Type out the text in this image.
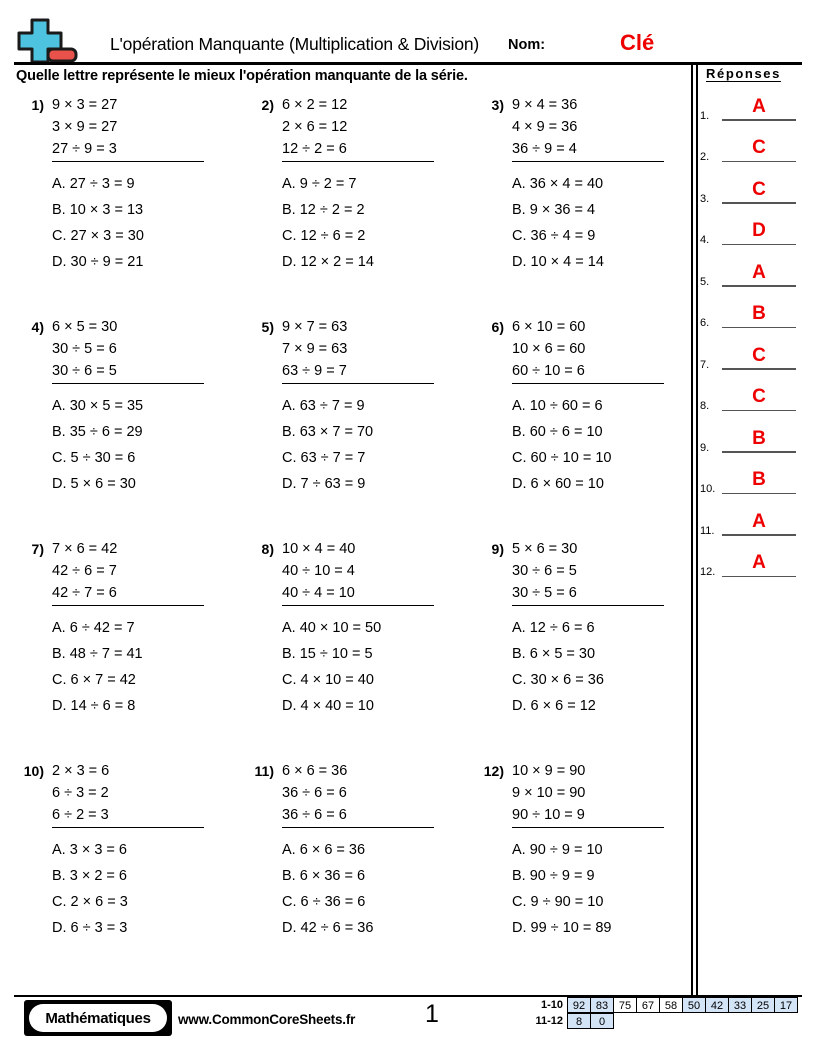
L'opération Manquante (Multiplication & Division) Nom:	Clé
Quelle lettre représente le mieux l'opération manquante de la série.	Réponses
1.	A
2.	C
3.	C
4.	D
5.	A
6.	B
7.	C
8.	C
9.	B
10.	B
11.	A
12.	A
1) 9 × 3 = 27
3 × 9 = 27
27 ÷ 9 = 3
A. 27 ÷ 3 = 9
B. 10 × 3 = 13
C. 27 × 3 = 30
D. 30 ÷ 9 = 21
2) 6 × 2 = 12
2 × 6 = 12
12 ÷ 2 = 6
A. 9 ÷ 2 = 7
B. 12 ÷ 2 = 2
C. 12 ÷ 6 = 2
D. 12 × 2 = 14
3) 9 × 4 = 36
4 × 9 = 36
36 ÷ 9 = 4
A. 36 × 4 = 40
B. 9 × 36 = 4
C. 36 ÷ 4 = 9
D. 10 × 4 = 14
4) 6 × 5 = 30
30 ÷ 5 = 6
30 ÷ 6 = 5
A. 30 × 5 = 35
B. 35 ÷ 6 = 29
C. 5 ÷ 30 = 6
D. 5 × 6 = 30
5) 9 × 7 = 63
7 × 9 = 63
63 ÷ 9 = 7
A. 63 ÷ 7 = 9
B. 63 × 7 = 70
C. 63 ÷ 7 = 7
D. 7 ÷ 63 = 9
6) 6 × 10 = 60
10 × 6 = 60
60 ÷ 10 = 6
A. 10 ÷ 60 = 6
B. 60 ÷ 6 = 10
C. 60 ÷ 10 = 10
D. 6 × 60 = 10
7) 7 × 6 = 42
42 ÷ 6 = 7
42 ÷ 7 = 6
A. 6 ÷ 42 = 7
B. 48 ÷ 7 = 41
C. 6 × 7 = 42
D. 14 ÷ 6 = 8
8) 10 × 4 = 40
40 ÷ 10 = 4
40 ÷ 4 = 10
A. 40 × 10 = 50
B. 15 ÷ 10 = 5
C. 4 × 10 = 40
D. 4 × 40 = 10
9) 5 × 6 = 30
30 ÷ 6 = 5
30 ÷ 5 = 6
A. 12 ÷ 6 = 6
B. 6 × 5 = 30
C. 30 × 6 = 36
D. 6 × 6 = 12
10) 2 × 3 = 6
6 ÷ 3 = 2
6 ÷ 2 = 3
A. 3 × 3 = 6
B. 3 × 2 = 6
C. 2 × 6 = 3
D. 6 ÷ 3 = 3
11) 6 × 6 = 36
36 ÷ 6 = 6
36 ÷ 6 = 6
A. 6 × 6 = 36
B. 6 × 36 = 6
C. 6 ÷ 36 = 6
D. 42 ÷ 6 = 36
12) 10 × 9 = 90
9 × 10 = 90
90 ÷ 10 = 9
A. 90 ÷ 9 = 10
B. 90 ÷ 9 = 9
C. 9 ÷ 90 = 10
D. 99 ÷ 10 = 89
Mathématiques	www.CommonCoreSheets.fr	1	1-10 92 83 75 67 58 50 42 33 25 17
11-12	8	0
